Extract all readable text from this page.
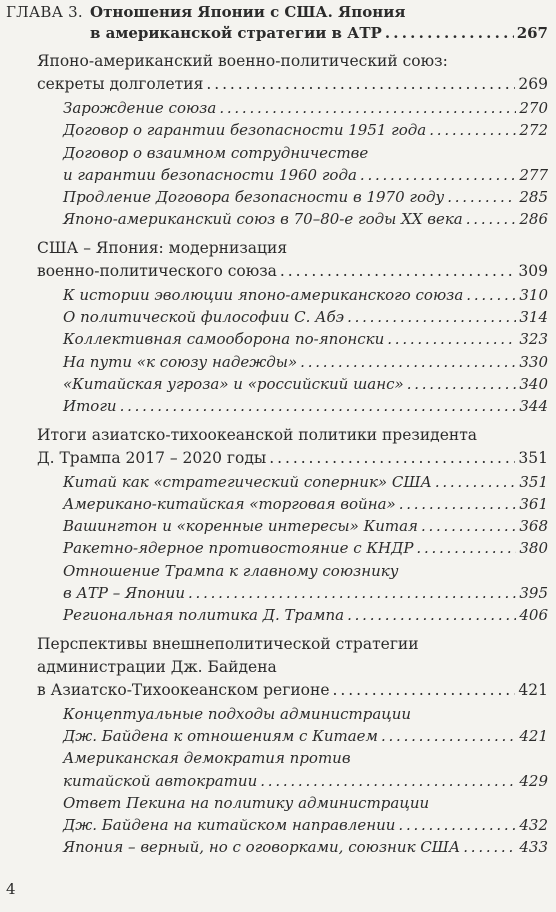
ГЛАВА 3. Отношения Японии с США. Япония
в американской стратегии в АТР . . .	267
Японо-американский военно-политический союз:
секреты долголетия . . .	269
Зарождение союза . . .	270
Договор о гарантии безопасности 1951 года . . .	272
Договор о взаимном сотрудничестве
и гарантии безопасности 1960 года . . .	277
Продление Договора безопасности в 1970 году . . .	285
Японо-американский союз в 70–80-е годы XX века . . .	286
США – Япония: модернизация
военно-политического союза . . .	309
К истории эволюции японо-американского союза . . .	310
О политической философии С. Абэ . . .	314
Коллективная самооборона по-японски . . .	323
На пути «к союзу надежды» . . .	330
«Китайская угроза» и «российский шанс» . . .	340
Итоги . . .	344
Итоги азиатско-тихоокеанской политики президента
Д. Трампа 2017 – 2020 годы . . .	351
Китай как «стратегический соперник» США . . .	351
Американо-китайская «торговая война» . . .	361
Вашингтон и «коренные интересы» Китая . . .	368
Ракетно-ядерное противостояние с КНДР . . .	380
Отношение Трампа к главному союзнику
в АТР – Японии . . .	395
Региональная политика Д. Трампа . . .	406
Перспективы внешнеполитической стратегии
администрации Дж. Байдена
в Азиатско-Тихоокеанском регионе . . .	421
Концептуальные подходы администрации
Дж. Байдена к отношениям с Китаем . . .	421
Американская демократия против
китайской автократии . . .	429
Ответ Пекина на политику администрации
Дж. Байдена на китайском направлении . . .	432
Япония – верный, но с оговорками, союзник США . . .	433
4
